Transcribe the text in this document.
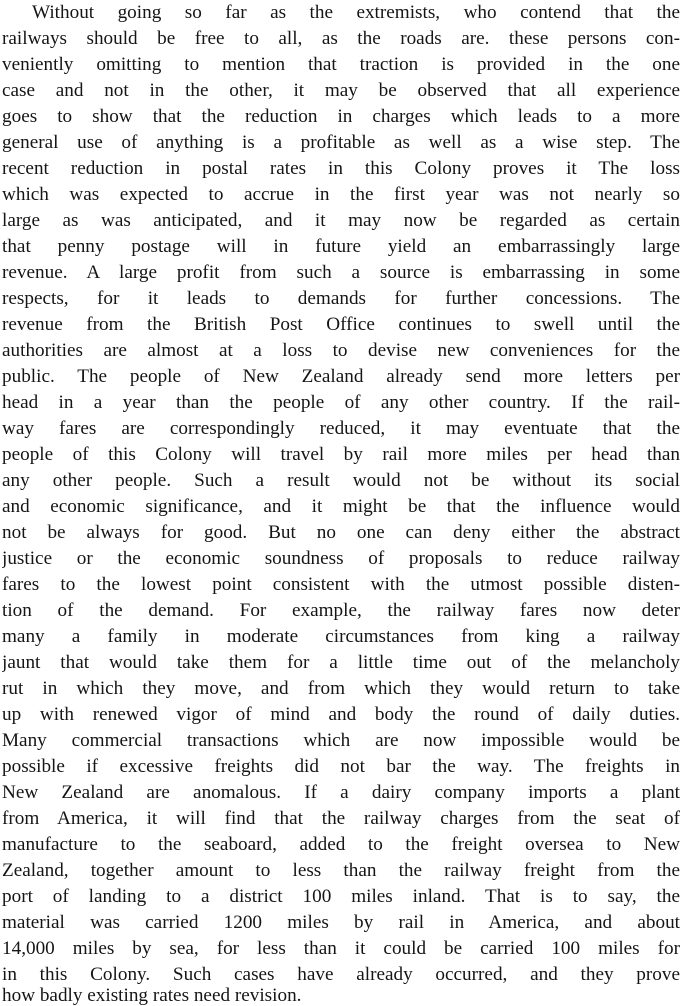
Without going so far as the extremists, who contend that the
railways should be free to all, as the roads are. these persons con-
veniently omitting to mention that traction is provided in the one
case and not in the other, it may be observed that all experience
goes to show that the reduction in charges which leads to a more
general use of anything is a profitable as well as a wise step. The
recent reduction in postal rates in this Colony proves it The loss
which was expected to accrue in the first year was not nearly so
large as was anticipated, and it may now be regarded as certain
that penny postage will in future yield an embarrassingly large
revenue. A large profit from such a source is embarrassing in some
respects, for it leads to demands for further concessions. The
revenue from the British Post Office continues to swell until the
authorities are almost at a loss to devise new conveniences for the
public. The people of New Zealand already send more letters per
head in a year than the people of any other country. If the rail-
way fares are correspondingly reduced, it may eventuate that the
people of this Colony will travel by rail more miles per head than
any other people. Such a result would not be without its social
and economic significance, and it might be that the influence would
not be always for good. But no one can deny either the abstract
justice or the economic soundness of proposals to reduce railway
fares to the lowest point consistent with the utmost possible disten-
tion of the demand. For example, the railway fares now deter
many a family in moderate circumstances from king a railway
jaunt that would take them for a little time out of the melancholy
rut in which they move, and from which they would return to take
up with renewed vigor of mind and body the round of daily duties.
Many commercial transactions which are now impossible would be
possible if excessive freights did not bar the way. The freights in
New Zealand are anomalous. If a dairy company imports a plant
from America, it will find that the railway charges from the seat of
manufacture to the seaboard, added to the freight oversea to New
Zealand, together amount to less than the railway freight from the
port of landing to a district 100 miles inland. That is to say, the
material was carried 1200 miles by rail in America, and about
14,000 miles by sea, for less than it could be carried 100 miles for
in this Colony. Such cases have already occurred, and they prove
how badly existing rates need revision.
